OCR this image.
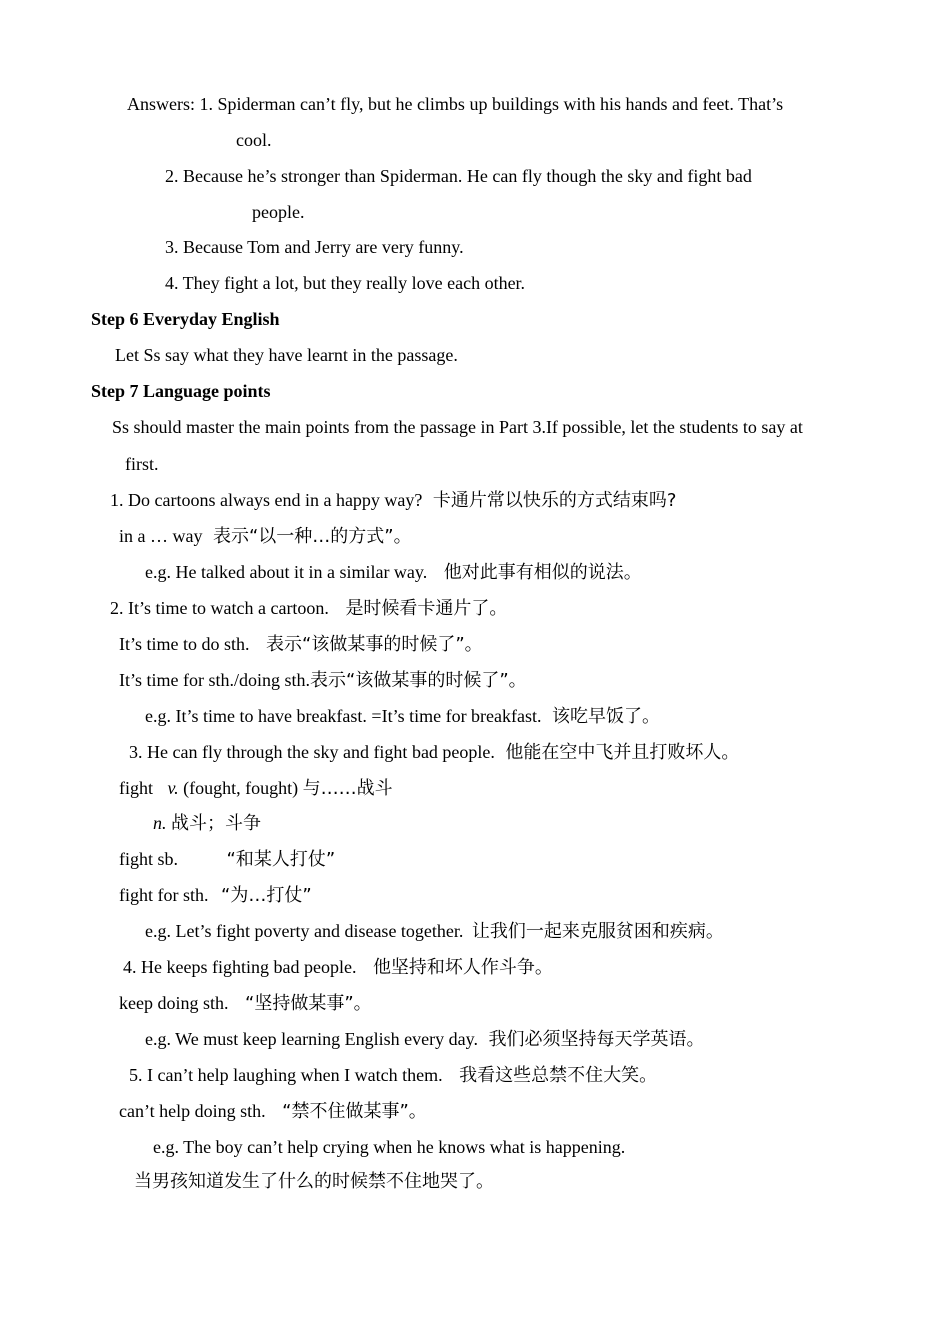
Answers: 1. Spiderman can’t fly, but he climbs up buildings with his hands and feet. That’s
cool.
2. Because he’s stronger than Spiderman. He can fly though the sky and fight bad
people.
3. Because Tom and Jerry are very funny.
4. They fight a lot, but they really love each other.
Step 6 Everyday English
Let Ss say what they have learnt in the passage.
Step 7 Language points
Ss should master the main points from the passage in Part 3.If possible, let the students to say at
first.
1. Do cartoons always end in a happy way? 卡通片常以快乐的方式结束吗?
in a … way 表示“以一种…的方式”。
e.g. He talked about it in a similar way. 他对此事有相似的说法。
2. It’s time to watch a cartoon. 是时候看卡通片了。
It’s time to do sth. 表示“该做某事的时候了”。
It’s time for sth./doing sth.表示“该做某事的时候了”。
e.g. It’s time to have breakfast. =It’s time for breakfast. 该吃早饭了。
3. He can fly through the sky and fight bad people. 他能在空中飞并且打败坏人。
fight v. (fought, fought) 与……战斗
n. 战斗；斗争
fight sb.	“和某人打仗”
fight for sth. “为…打仗”
e.g. Let’s fight poverty and disease together. 让我们一起来克服贫困和疾病。
4. He keeps fighting bad people. 他坚持和坏人作斗争。
keep doing sth. “坚持做某事”。
e.g. We must keep learning English every day. 我们必须坚持每天学英语。
5. I can’t help laughing when I watch them. 我看这些总禁不住大笑。
can’t help doing sth. “禁不住做某事”。
e.g. The boy can’t help crying when he knows what is happening.
当男孩知道发生了什么的时候禁不住地哭了。
